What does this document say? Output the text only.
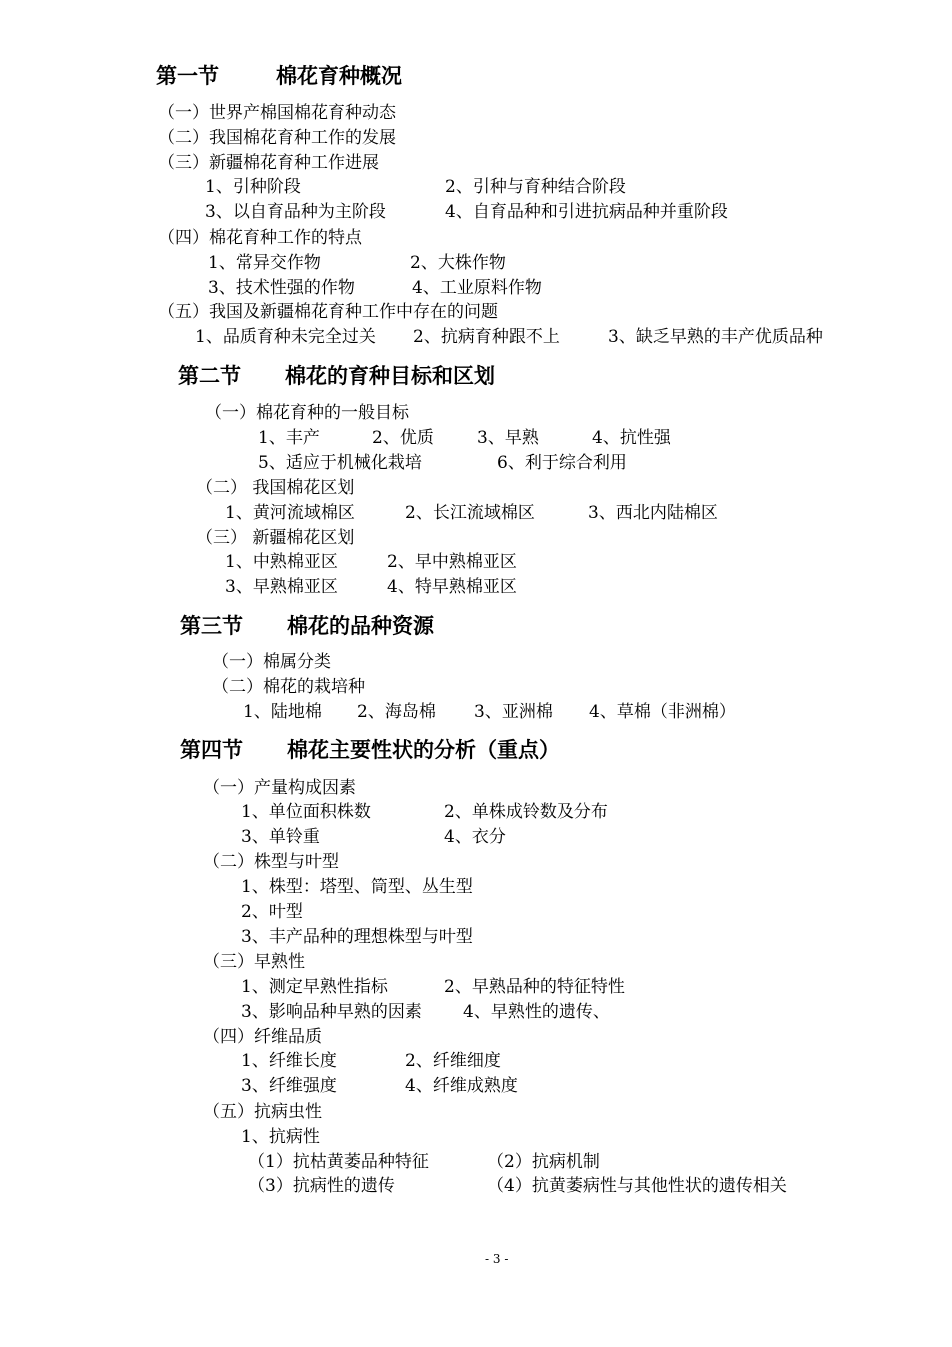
第一节	棉花育种概况
（一）世界产棉国棉花育种动态
（二）我国棉花育种工作的发展
（三）新疆棉花育种工作进展
1、引种阶段	2、引种与育种结合阶段
3、以自育品种为主阶段	4、自育品种和引进抗病品种并重阶段
（四）棉花育种工作的特点
1、常异交作物	2、大株作物
3、技术性强的作物	4、工业原料作物
（五）我国及新疆棉花育种工作中存在的问题
1、品质育种未完全过关 2、抗病育种跟不上	3、缺乏早熟的丰产优质品种
第二节 棉花的育种目标和区划
（一）棉花育种的一般目标
1、丰产	2、优质	3、早熟	4、抗性强
5、适应于机械化栽培	6、利于综合利用
（二） 我国棉花区划
1、黄河流域棉区	2、长江流域棉区	3、西北内陆棉区
（三） 新疆棉花区划
1、中熟棉亚区	2、早中熟棉亚区
3、早熟棉亚区	4、特早熟棉亚区
第三节 棉花的品种资源
（一）棉属分类
（二）棉花的栽培种
1、陆地棉 2、海岛棉 3、亚洲棉 4、草棉（非洲棉）
第四节 棉花主要性状的分析（重点）
（一）产量构成因素
1、单位面积株数	2、单株成铃数及分布
3、单铃重	4、衣分
（二）株型与叶型
1、株型：塔型、筒型、丛生型
2、叶型
3、丰产品种的理想株型与叶型
（三）早熟性
1、测定早熟性指标	2、早熟品种的特征特性
3、影响品种早熟的因素 4、早熟性的遗传、
（四）纤维品质
1、纤维长度	2、纤维细度
3、纤维强度	4、纤维成熟度
（五）抗病虫性
1、抗病性
（1）抗枯黄萎品种特征	（2）抗病机制
（3）抗病性的遗传	（4）抗黄萎病性与其他性状的遗传相关
- 3 -
